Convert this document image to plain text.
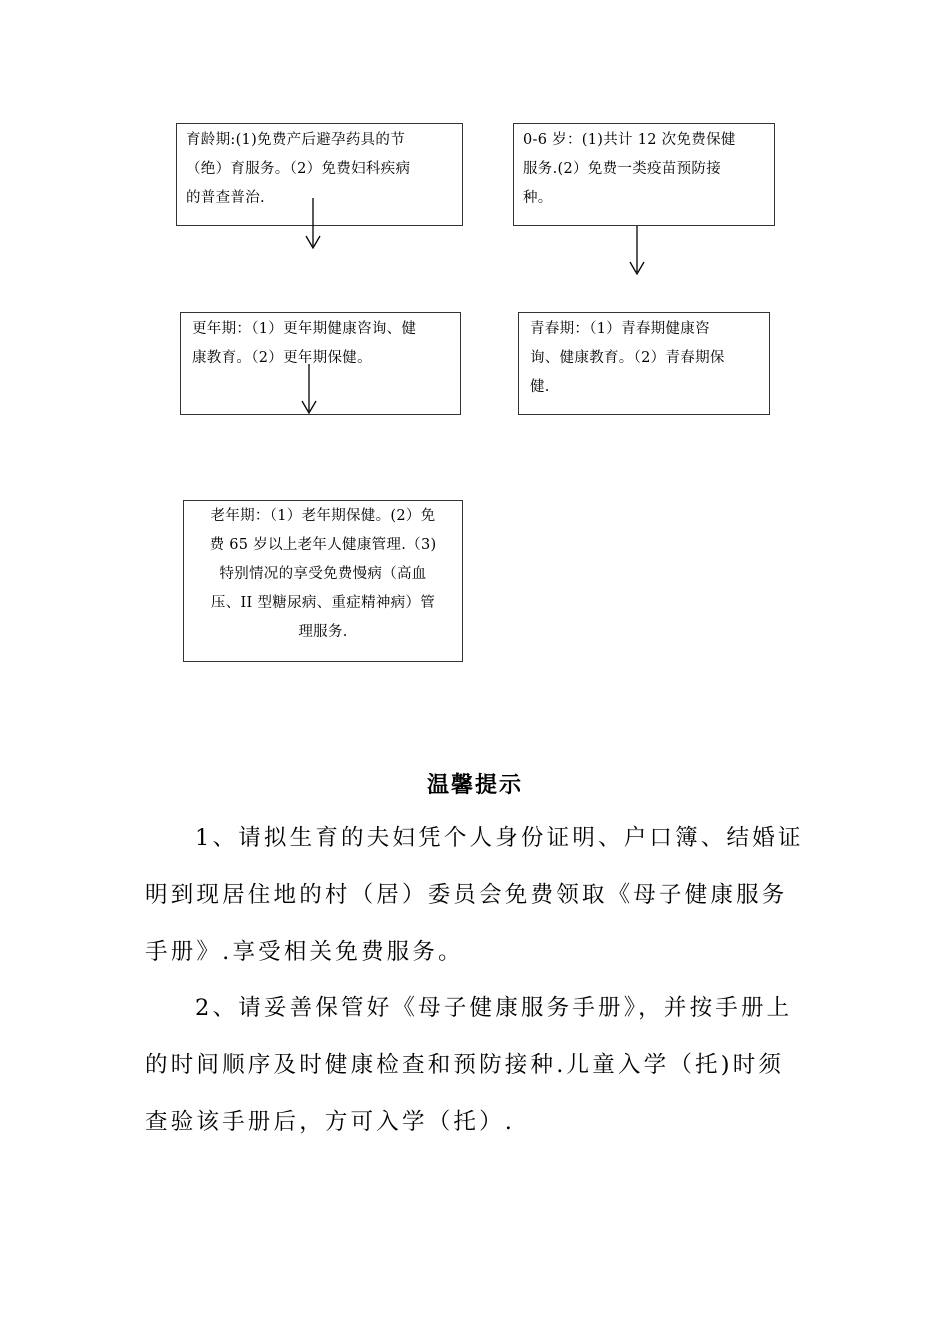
育龄期:(1)免费产后避孕药具的节
（绝）育服务。（2）免费妇科疾病
的普查普治.
0-6 岁：(1)共计 12 次免费保健
服务.(2）免费一类疫苗预防接
种。
更年期：（1）更年期健康咨询、健
康教育。（2）更年期保健。
青春期：（1）青春期健康咨
询、健康教育。（2）青春期保
健.
老年期：（1）老年期保健。(2）免
费 65 岁以上老年人健康管理.（3)
特别情况的享受免费慢病（高血
压、II 型糖尿病、重症精神病）管
理服务.
温馨提示
1、请拟生育的夫妇凭个人身份证明、户口簿、结婚证
明到现居住地的村（居）委员会免费领取《母子健康服务
手册》.享受相关免费服务。
2、请妥善保管好《母子健康服务手册》，并按手册上
的时间顺序及时健康检查和预防接种.儿童入学（托)时须
查验该手册后，方可入学（托）.
